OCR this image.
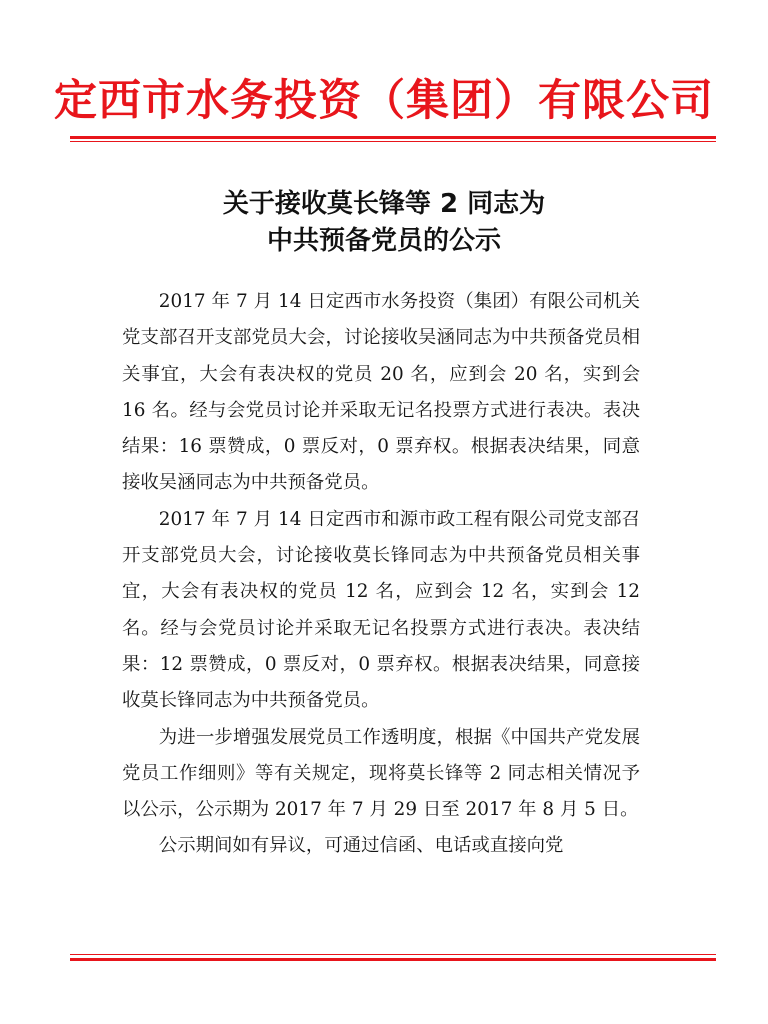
定西市水务投资（集团）有限公司
关于接收莫长锋等 2 同志为
中共预备党员的公示

2017 年 7 月 14 日定西市水务投资（集团）有限公司机关党支部召开支部党员大会，讨论接收吴涵同志为中共预备党员相关事宜，大会有表决权的党员 20 名，应到会 20 名，实到会 16 名。经与会党员讨论并采取无记名投票方式进行表决。表决结果：16 票赞成，0 票反对，0 票弃权。根据表决结果，同意接收吴涵同志为中共预备党员。

2017 年 7 月 14 日定西市和源市政工程有限公司党支部召开支部党员大会，讨论接收莫长锋同志为中共预备党员相关事宜，大会有表决权的党员 12 名，应到会 12 名，实到会 12 名。经与会党员讨论并采取无记名投票方式进行表决。表决结果：12 票赞成，0 票反对，0 票弃权。根据表决结果，同意接收莫长锋同志为中共预备党员。

为进一步增强发展党员工作透明度，根据《中国共产党发展党员工作细则》等有关规定，现将莫长锋等 2 同志相关情况予以公示，公示期为 2017 年 7 月 29 日至 2017 年 8 月 5 日。

公示期间如有异议，可通过信函、电话或直接向党
